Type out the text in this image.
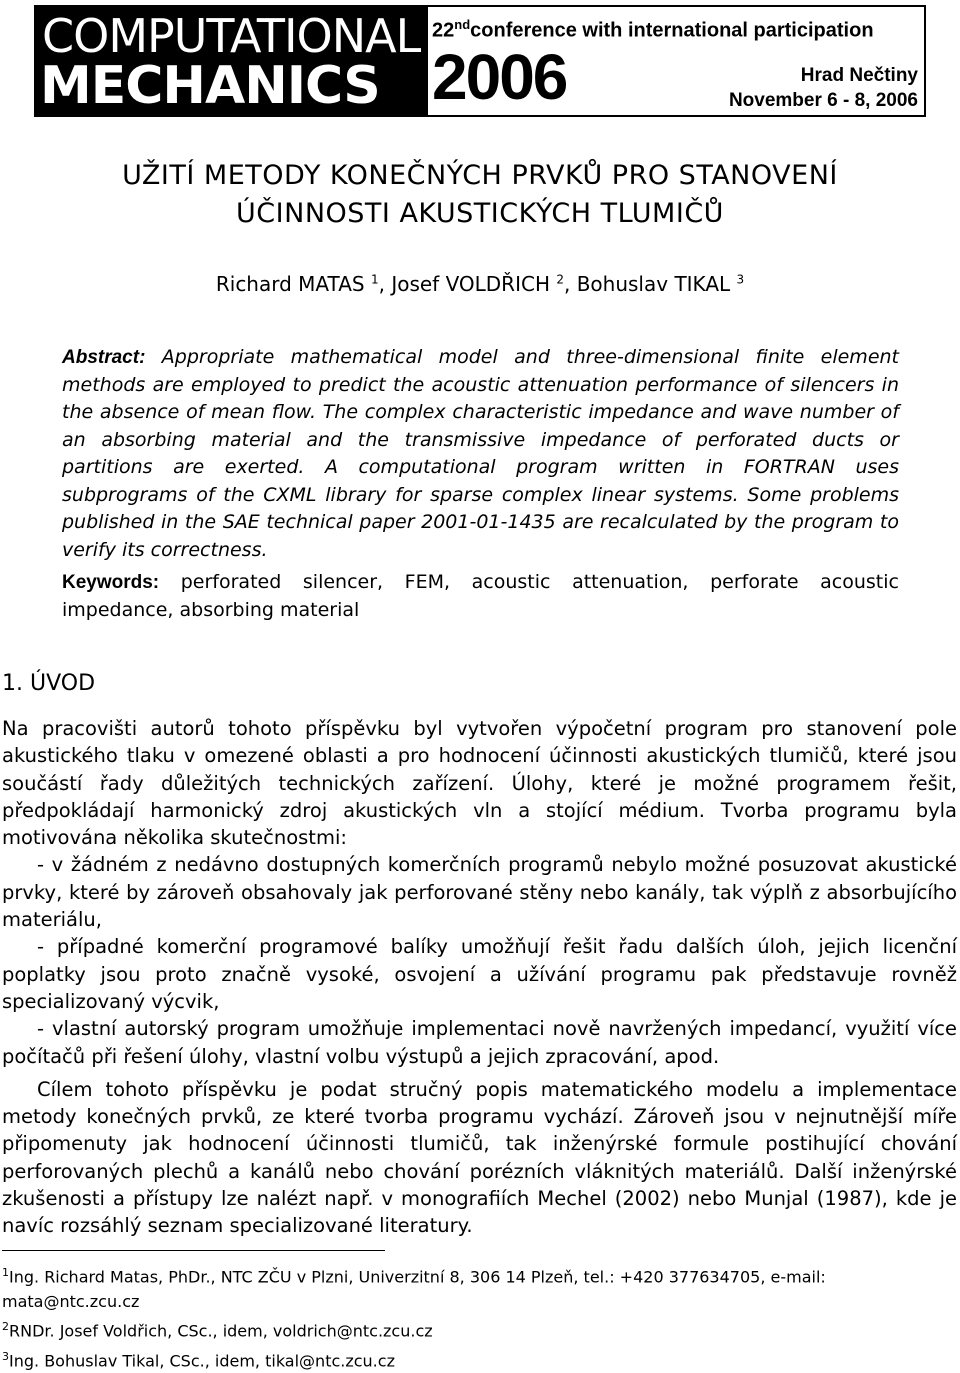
COMPUTATIONAL
MECHANICS
22ndconference with international participation
2006	Hrad Nečtiny
November 6 - 8, 2006
UŽITÍ METODY KONEČNÝCH PRVKŮ PRO STANOVENÍ
ÚČINNOSTI AKUSTICKÝCH TLUMIČŮ
Richard MATAS $^1$, Josef VOLDŘICH $^2$, Bohuslav TIKAL $^3$
Abstract: Appropriate mathematical model and three-dimensional finite element methods are employed to predict the acoustic attenuation performance of silencers in the absence of mean flow. The complex characteristic impedance and wave number of an absorbing material and the transmissive impedance of perforated ducts or partitions are exerted. A computational program written in FORTRAN uses subprograms of the CXML library for sparse complex linear systems. Some problems published in the SAE technical paper 2001-01-1435 are recalculated by the program to verify its correctness.
Keywords: perforated silencer, FEM, acoustic attenuation, perforate acoustic impedance, absorbing material
1. ÚVOD

Na pracovišti autorů tohoto příspěvku byl vytvořen výpočetní program pro stanovení pole akustického tlaku v omezené oblasti a pro hodnocení účinnosti akustických tlumičů, které jsou součástí řady důležitých technických zařízení. Úlohy, které je možné programem řešit, předpokládají harmonický zdroj akustických vln a stojící médium. Tvorba programu byla motivována několika skutečnostmi:

- v žádném z nedávno dostupných komerčních programů nebylo možné posuzovat akustické prvky, které by zároveň obsahovaly jak perforované stěny nebo kanály, tak výplň z absorbujícího materiálu,

- případné komerční programové balíky umožňují řešit řadu dalších úloh, jejich licenční poplatky jsou proto značně vysoké, osvojení a užívání programu pak představuje rovněž specializovaný výcvik,

- vlastní autorský program umožňuje implementaci nově navržených impedancí, využití více počítačů při řešení úlohy, vlastní volbu výstupů a jejich zpracování, apod.

Cílem tohoto příspěvku je podat stručný popis matematického modelu a implementace metody konečných prvků, ze které tvorba programu vychází. Zároveň jsou v nejnutnější míře připomenuty jak hodnocení účinnosti tlumičů, tak inženýrské formule postihující chování perforovaných plechů a kanálů nebo chování porézních vláknitých materiálů. Další inženýrské zkušenosti a přístupy lze nalézt např. v monografiích Mechel (2002) nebo Munjal (1987), kde je navíc rozsáhlý seznam specializované literatury.

$^1$Ing. Richard Matas, PhDr., NTC ZČU v Plzni, Univerzitní 8, 306 14 Plzeň, tel.: +420 377634705, e-mail: mata@ntc.zcu.cz

$^2$RNDr. Josef Voldřich, CSc., idem, voldrich@ntc.zcu.cz

$^3$Ing. Bohuslav Tikal, CSc., idem, tikal@ntc.zcu.cz
